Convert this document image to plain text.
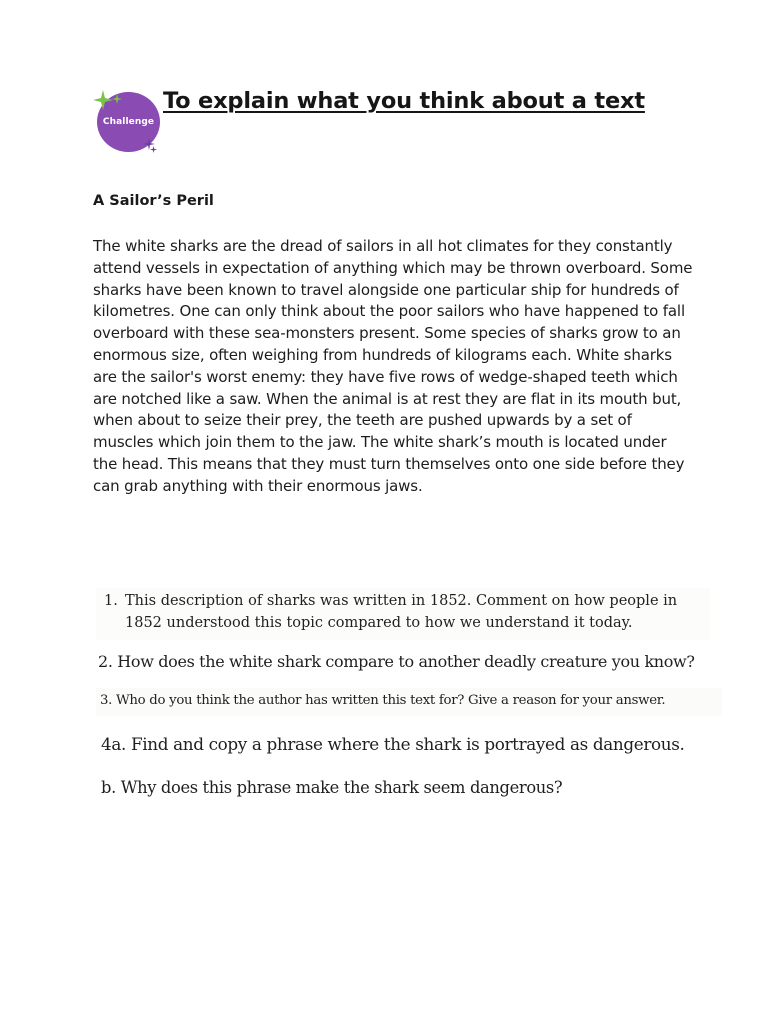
Challenge
To explain what you think about a text
A Sailor’s Peril

The white sharks are the dread of sailors in all hot climates for they constantly attend vessels in expectation of anything which may be thrown overboard. Some sharks have been known to travel alongside one particular ship for hundreds of kilometres. One can only think about the poor sailors who have happened to fall overboard with these sea-monsters present. Some species of sharks grow to an enormous size, often weighing from hundreds of kilograms each. White sharks are the sailor's worst enemy: they have five rows of wedge-shaped teeth which are notched like a saw. When the animal is at rest they are flat in its mouth but, when about to seize their prey, the teeth are pushed upwards by a set of muscles which join them to the jaw. The white shark’s mouth is located under the head. This means that they must turn themselves onto one side before they can grab anything with their enormous jaws.

1. This description of sharks was written in 1852. Comment on how people in 1852 understood this topic compared to how we understand it today.

2. How does the white shark compare to another deadly creature you know?

3. Who do you think the author has written this text for? Give a reason for your answer.

4a. Find and copy a phrase where the shark is portrayed as dangerous.

b. Why does this phrase make the shark seem dangerous?
